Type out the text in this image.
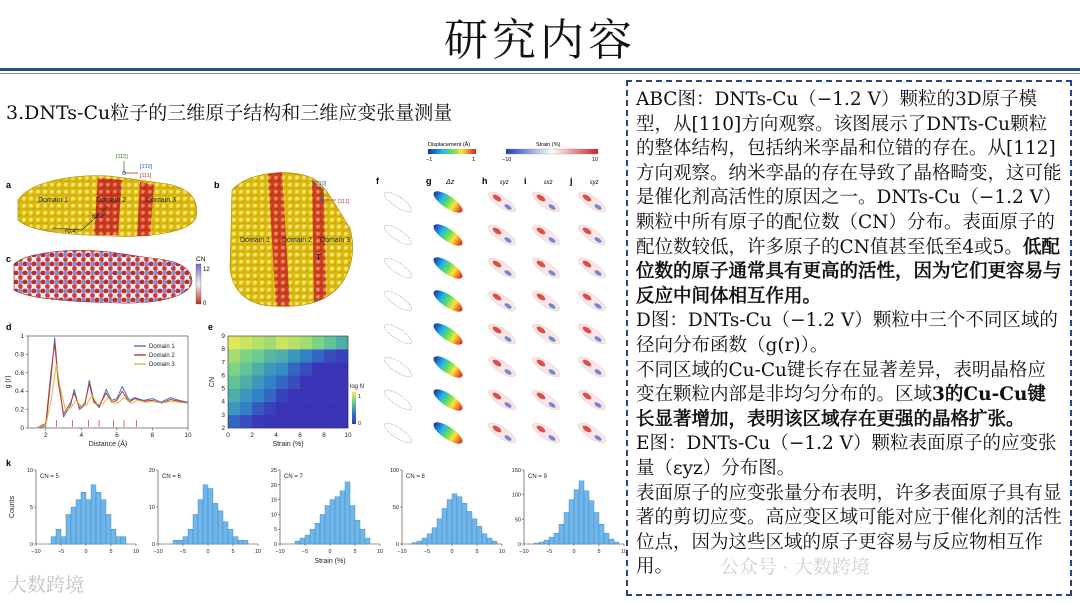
研究内容
3.DNTs-Cu粒子的三维原子结构和三维应变张量测量
a
Domain 1	Domain 2	Domain 3
69.2°
70.4°
[11̄2]
[1̄10]
[111]
b
Domain 1 Domain 2 Domain 3
T
[1̄10]
[111]
c	CN
12
0
d
2	4	6	8	10
0
0.2
0.4
0.6
0.8
1
Distance (Å)
g (r)
Domain 1
Domain 2
Domain 3
e
0	2	4	6	8	10
2
3
4
5
6
7
8
9
Strain (%)
CN	log N
1
0
f	g	h	i	j
Displacement (Å)
−1	1
Δz
Strain (%)
−10	10
εyz	εxz	εyz
k
0
5
10
−10	−5	0	5	10
CN = 5
0
10
20
−10	−5	0	5	10
CN = 6
0
5
10
15
20
25
−10	−5	0	5	10
CN = 7
0
50
100
−10	−5	0	5	10
CN = 8
0
50
100
150
−10	−5	0	5	10
CN = 9
Strain (%)
Counts

ABC图：DNTs-Cu（−1.2 V）颗粒的3D原子模型，从[110]方向观察。该图展示了DNTs-Cu颗粒的整体结构，包括纳米孪晶和位错的存在。从[112]方向观察。纳米孪晶的存在导致了晶格畸变，这可能是催化剂高活性的原因之一。DNTs-Cu（−1.2 V）颗粒中所有原子的配位数（CN）分布。表面原子的配位数较低，许多原子的CN值甚至低至4或5。低配位数的原子通常具有更高的活性，因为它们更容易与反应中间体相互作用。

D图：DNTs-Cu（−1.2 V）颗粒中三个不同区域的径向分布函数（g(r)）。

不同区域的Cu-Cu键长存在显著差异，表明晶格应变在颗粒内部是非均匀分布的。区域3的Cu-Cu键长显著增加，表明该区域存在更强的晶格扩张。

E图：DNTs-Cu（−1.2 V）颗粒表面原子的应变张量（εyz）分布图。

表面原子的应变张量分布表明，许多表面原子具有显著的剪切应变。高应变区域可能对应于催化剂的活性位点，因为这些区域的原子更容易与反应物相互作用。

大数跨境
公众号 · 大数跨境
